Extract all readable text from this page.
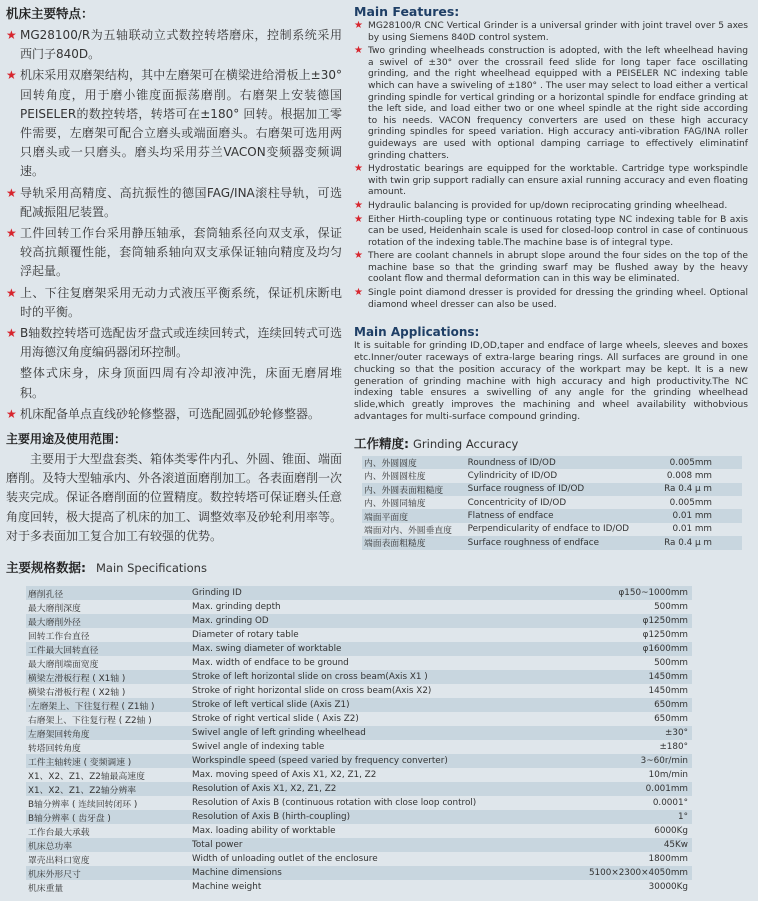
机床主要特点：
★ MG28100/R为五轴联动立式数控转塔磨床，控制系统采用西门子840D。
★ 机床采用双磨架结构，其中左磨架可在横梁进给滑板上±30° 回转角度，用于磨小锥度面振荡磨削。右磨架上安装德国PEISELER的数控转塔，转塔可在±180° 回转。根据加工零件需要，左磨架可配合立磨头或端面磨头。右磨架可选用两只磨头或一只磨头。磨头均采用芬兰VACON变频器变频调速。
★ 导轨采用高精度、高抗振性的德国FAG/INA滚柱导轨，可选配减振阻尼装置。
★ 工件回转工作台采用静压轴承，套筒轴系径向双支承，保证较高抗颠覆性能，套筒轴系轴向双支承保证轴向精度及均匀浮起量。
★ 上、下往复磨架采用无动力式液压平衡系统，保证机床断电时的平衡。
★ B轴数控转塔可选配齿牙盘式或连续回转式，连续回转式可选用海德汉角度编码器闭环控制。
整体式床身，床身顶面四周有冷却液冲洗，床面无磨屑堆积。
★ 机床配备单点直线砂轮修整器，可选配圆弧砂轮修整器。
主要用途及使用范围：

主要用于大型盘套类、箱体类零件内孔、外圆、锥面、端面磨削。及特大型轴承内、外各滚道面磨削加工。各表面磨削一次装夹完成。保证各磨削面的位置精度。数控转塔可保证磨头任意角度回转，极大提高了机床的加工、调整效率及砂轮利用率等。对于多表面加工复合加工有较强的优势。

Main Features:
★ MG28100/R CNC Vertical Grinder is a universal grinder with joint travel over 5 axes by using Siemens 840D control system.
★ Two grinding wheelheads construction is adopted, with the left wheelhead having a swivel of ±30° over the crossrail feed slide for long taper face oscillating grinding, and the right wheelhead equipped with a PEISELER NC indexing table which can have a swiveling of ±180° . The user may select to load either a vertical grinding spindle for vertical grinding or a horizontal spindle for endface grinding at the left side, and load either two or one wheel spindle at the right side according to his needs. VACON frequency converters are used on these high accuracy grinding spindles for speed variation. High accuracy anti-vibration FAG/INA roller guideways are used with optional damping carriage to effectively eliminatinf grinding chatters.
★ Hydrostatic bearings are equipped for the worktable. Cartridge type workspindle with twin grip support radially can ensure axial running accuracy and even floating amount.
★ Hydraulic balancing is provided for up/down reciprocating grinding wheelhead.
★ Either Hirth-coupling type or continuous rotating type NC indexing table for B axis can be used, Heidenhain scale is used for closed-loop control in case of continuous rotation of the indexing table.The machine base is of integral type.
★ There are coolant channels in abrupt slope around the four sides on the top of the machine base so that the grinding swarf may be flushed away by the heavy coolant flow and thermal deformation can in this way be eliminated.
★ Single point diamond dresser is provided for dressing the grinding wheel. Optional diamond wheel dresser can also be used.
Main Applications:

It is suitable for grinding ID,OD,taper and endface of large wheels, sleeves and boxes etc.Inner/outer raceways of extra-large bearing rings. All surfaces are ground in one chucking so that the position accuracy of the workpart may be kept. It is a new generation of grinding machine with high accuracy and high productivity.The NC indexing table ensures a swivelling of any angle for the grinding wheelhead slide,which greatly improves the machining and wheel availability withobvious advantages for multi-surface compound grinding.

工作精度: Grinding Accuracy
内、外圆圆度	Roundness of ID/OD	0.005mm
内、外圆圆柱度	Cylindricity of ID/OD	0.008 mm
内、外圆表面粗糙度	Surface rougness of ID/OD	Ra 0.4 μ m
内、外圆同轴度	Concentricity of ID/OD	0.005mm
端面平面度	Flatness of endface	0.01 mm
端面对内、外圆垂直度	Perpendicularity of endface to ID/OD	0.01 mm
端面表面粗糙度	Surface roughness of endface	Ra 0.4 μ m
主要规格数据: Main Specifications
磨削孔径	Grinding ID	φ150~1000mm
最大磨削深度	Max. grinding depth	500mm
最大磨削外径	Max. grinding OD	φ1250mm
回转工作台直径	Diameter of rotary table	φ1250mm
工件最大回转直径	Max. swing diameter of worktable	φ1600mm
最大磨削端面宽度	Max. width of endface to be ground	500mm
横梁左滑板行程 ( X1轴 )	Stroke of left horizontal slide on cross beam(Axis X1 )	1450mm
横梁右滑板行程 ( X2轴 )	Stroke of right horizontal slide on cross beam(Axis X2)	1450mm
·左磨架上、下往复行程 ( Z1轴 )	Stroke of left vertical slide (Axis Z1)	650mm
右磨架上、下往复行程 ( Z2轴 )	Stroke of right vertical slide ( Axis Z2)	650mm
左磨架回转角度	Swivel angle of left grinding wheelhead	±30°
转塔回转角度	Swivel angle of indexing table	±180°
工件主轴转速 ( 变频调速 )	Workspindle speed (speed varied by frequency converter)	3~60r/min
X1、X2、Z1、Z2轴最高速度	Max. moving speed of Axis X1, X2, Z1, Z2	10m/min
X1、X2、Z1、Z2轴分辨率	Resolution of Axis X1, X2, Z1, Z2	0.001mm
B轴分辨率 ( 连续回转闭环 )	Resolution of Axis B (continuous rotation with close loop control)	0.0001°
B轴分辨率 ( 齿牙盘 )	Resolution of Axis B (hirth-coupling)	1°
工作台最大承载	Max. loading ability of worktable	6000Kg
机床总功率	Total power	45Kw
罩壳出料口宽度	Width of unloading outlet of the enclosure	1800mm
机床外形尺寸	Machine dimensions	5100×2300×4050mm
机床重量	Machine weight	30000Kg
